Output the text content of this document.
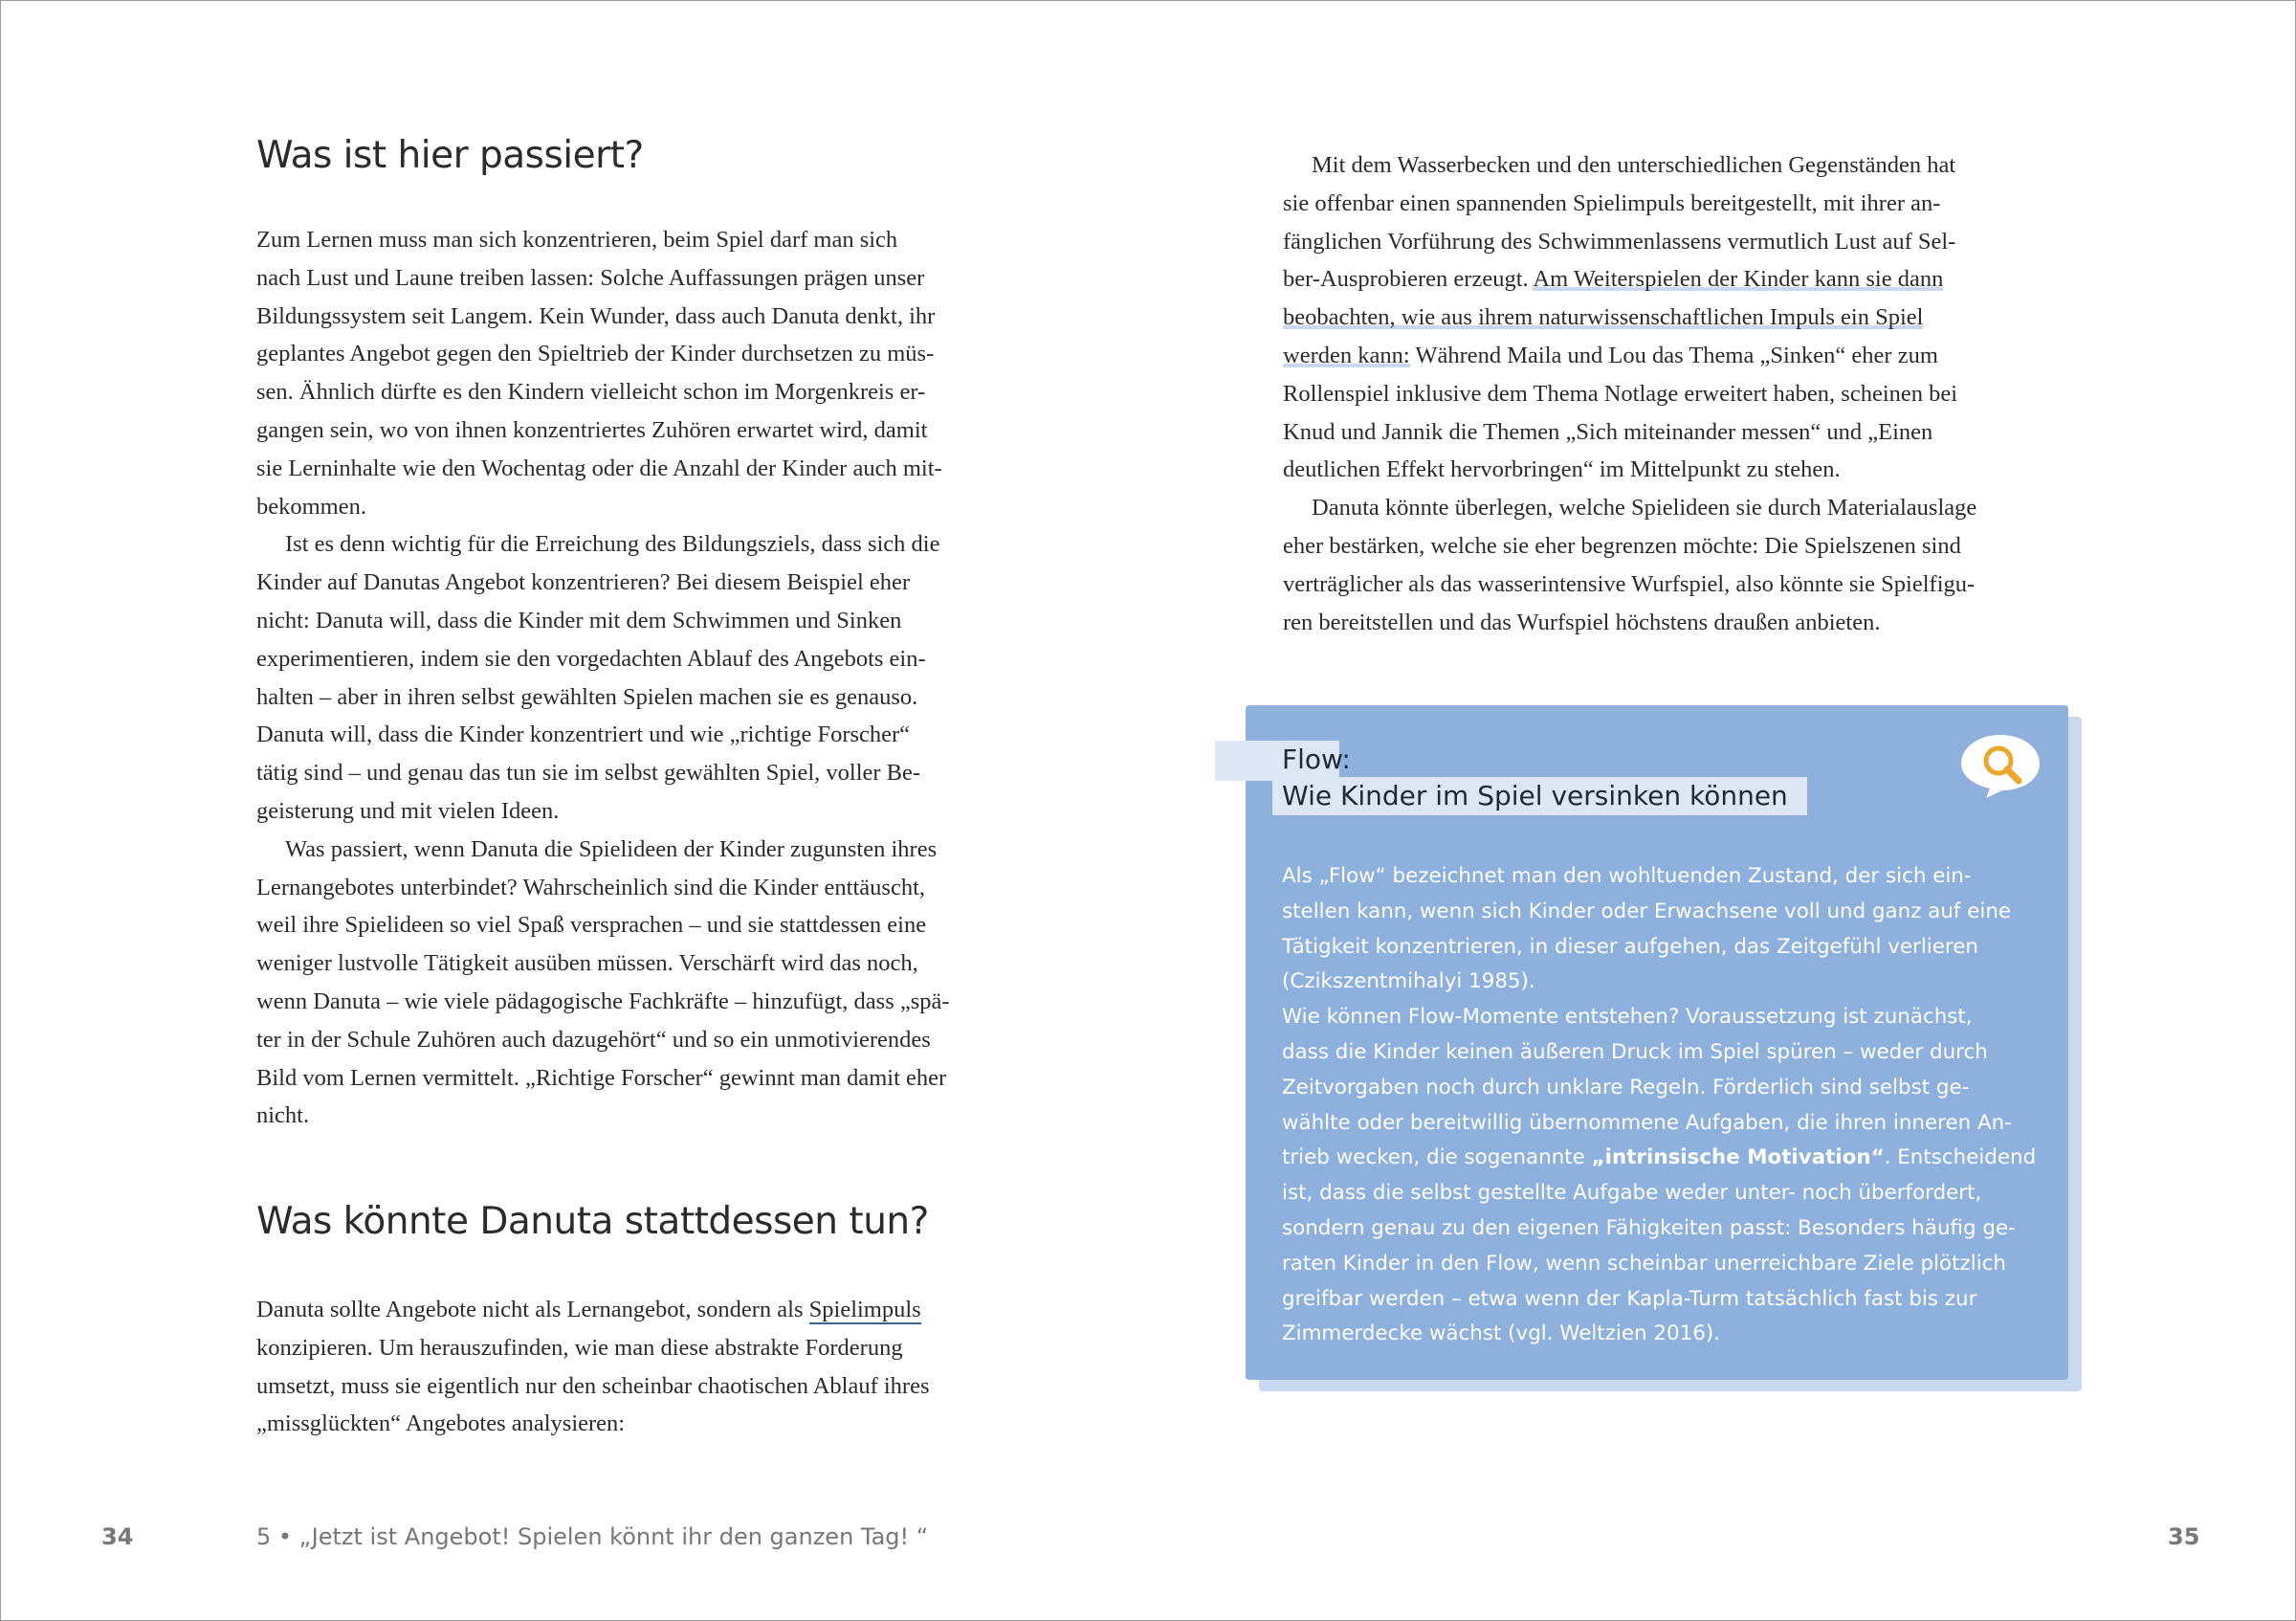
Was ist hier passiert?

Zum Lernen muss man sich konzentrieren, beim Spiel darf man sich
nach Lust und Laune treiben lassen: Solche Auffassungen prägen unser
Bildungssystem seit Langem. Kein Wunder, dass auch Danuta denkt, ihr
geplantes Angebot gegen den Spieltrieb der Kinder durchsetzen zu müs-
sen. Ähnlich dürfte es den Kindern vielleicht schon im Morgenkreis er-
gangen sein, wo von ihnen konzentriertes Zuhören erwartet wird, damit
sie Lerninhalte wie den Wochentag oder die Anzahl der Kinder auch mit-
bekommen.

Ist es denn wichtig für die Erreichung des Bildungsziels, dass sich die
Kinder auf Danutas Angebot konzentrieren? Bei diesem Beispiel eher
nicht: Danuta will, dass die Kinder mit dem Schwimmen und Sinken
experimentieren, indem sie den vorgedachten Ablauf des Angebots ein-
halten – aber in ihren selbst gewählten Spielen machen sie es genauso.
Danuta will, dass die Kinder konzentriert und wie „richtige Forscher“
tätig sind – und genau das tun sie im selbst gewählten Spiel, voller Be-
geisterung und mit vielen Ideen.

Was passiert, wenn Danuta die Spielideen der Kinder zugunsten ihres
Lernangebotes unterbindet? Wahrscheinlich sind die Kinder enttäuscht,
weil ihre Spielideen so viel Spaß versprachen – und sie stattdessen eine
weniger lustvolle Tätigkeit ausüben müssen. Verschärft wird das noch,
wenn Danuta – wie viele pädagogische Fachkräfte – hinzufügt, dass „spä-
ter in der Schule Zuhören auch dazugehört“ und so ein unmotivierendes
Bild vom Lernen vermittelt. „Richtige Forscher“ gewinnt man damit eher
nicht.

Was könnte Danuta stattdessen tun?

Danuta sollte Angebote nicht als Lernangebot, sondern als Spielimpuls
konzipieren. Um herauszufinden, wie man diese abstrakte Forderung
umsetzt, muss sie eigentlich nur den scheinbar chaotischen Ablauf ihres
„missglückten“ Angebotes analysieren:

Mit dem Wasserbecken und den unterschiedlichen Gegenständen hat
sie offenbar einen spannenden Spielimpuls bereitgestellt, mit ihrer an-
fänglichen Vorführung des Schwimmenlassens vermutlich Lust auf Sel-
ber-Ausprobieren erzeugt. Am Weiterspielen der Kinder kann sie dann
beobachten, wie aus ihrem naturwissenschaftlichen Impuls ein Spiel
werden kann: Während Maila und Lou das Thema „Sinken“ eher zum
Rollenspiel inklusive dem Thema Notlage erweitert haben, scheinen bei
Knud und Jannik die Themen „Sich miteinander messen“ und „Einen
deutlichen Effekt hervorbringen“ im Mittelpunkt zu stehen.

Danuta könnte überlegen, welche Spielideen sie durch Materialauslage
eher bestärken, welche sie eher begrenzen möchte: Die Spielszenen sind
verträglicher als das wasserintensive Wurfspiel, also könnte sie Spielfigu-
ren bereitstellen und das Wurfspiel höchstens draußen anbieten.

Flow:
Wie Kinder im Spiel versinken können

Als „Flow“ bezeichnet man den wohltuenden Zustand, der sich ein-
stellen kann, wenn sich Kinder oder Erwachsene voll und ganz auf eine
Tätigkeit konzentrieren, in dieser aufgehen, das Zeitgefühl verlieren
(Czikszentmihalyi 1985).

Wie können Flow-Momente entstehen? Voraussetzung ist zunächst,
dass die Kinder keinen äußeren Druck im Spiel spüren – weder durch
Zeitvorgaben noch durch unklare Regeln. Förderlich sind selbst ge-
wählte oder bereitwillig übernommene Aufgaben, die ihren inneren An-
trieb wecken, die sogenannte „intrinsische Motivation“. Entscheidend
ist, dass die selbst gestellte Aufgabe weder unter- noch überfordert,
sondern genau zu den eigenen Fähigkeiten passt: Besonders häufig ge-
raten Kinder in den Flow, wenn scheinbar unerreichbare Ziele plötzlich
greifbar werden – etwa wenn der Kapla-Turm tatsächlich fast bis zur
Zimmerdecke wächst (vgl. Weltzien 2016).

34	5 • „Jetzt ist Angebot! Spielen könnt ihr den ganzen Tag! “	35
